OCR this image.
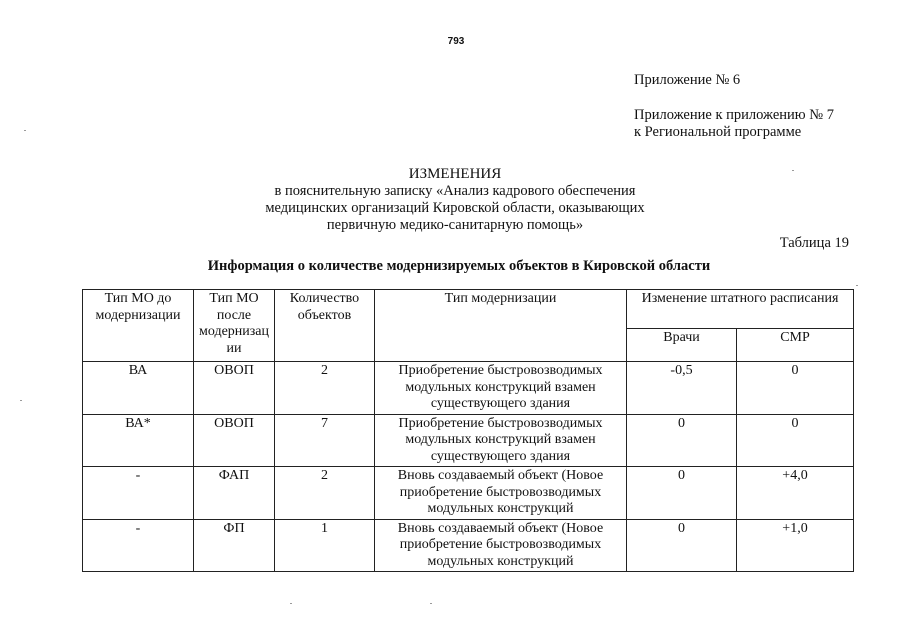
793
Приложение № 6
Приложение к приложению № 7
к Региональной программе
ИЗМЕНЕНИЯ
в пояснительную записку «Анализ кадрового обеспечения
медицинских организаций Кировской области, оказывающих
первичную медико-санитарную помощь»
Таблица 19
Информация о количестве модернизируемых объектов в Кировской области
Тип МО до модернизации	Тип МО после модернизац ии	Количество объектов	Тип модернизации	Изменение штатного расписания	
				Врачи	СМР
ВА	ОВОП	2	Приобретение быстровозводимых модульных конструкций взамен существующего здания	-0,5	0
ВА*	ОВОП	7	Приобретение быстровозводимых модульных конструкций взамен существующего здания	0	0
-	ФАП	2	Вновь создаваемый объект (Новое приобретение быстровозводимых модульных конструкций	0	+4,0
-	ФП	1	Вновь создаваемый объект (Новое приобретение быстровозводимых модульных конструкций	0	+1,0
